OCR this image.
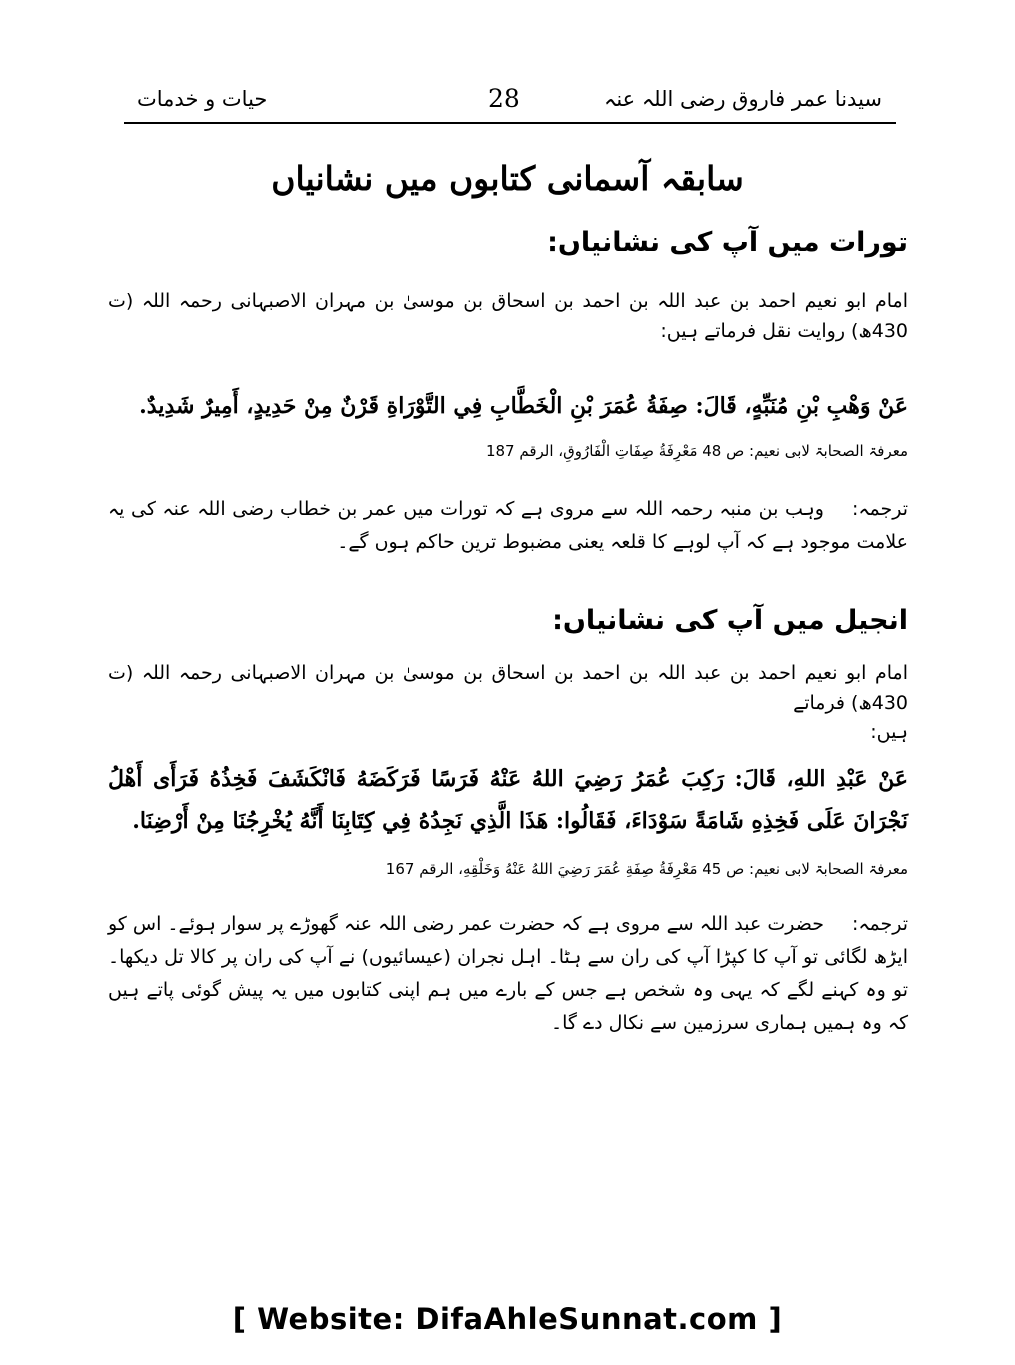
سیدنا عمر فاروق رضی اللہ عنہ
28
حیات و خدمات
سابقہ آسمانی کتابوں میں نشانیاں
تورات میں آپ کی نشانیاں:
امام ابو نعیم احمد بن عبد اللہ بن احمد بن اسحاق بن موسیٰ بن مہران الاصبہانی رحمہ اللہ (ت 430ھ) روایت نقل فرماتے ہیں:
عَنْ وَهْبِ بْنِ مُنَبِّهٍ، قَالَ: صِفَةُ عُمَرَ بْنِ الْخَطَّابِ فِي التَّوْرَاةِ قَرْنٌ مِنْ حَدِيدٍ، أَمِيرٌ شَدِيدٌ.
معرفۃ الصحابۃ لابی نعیم: ص 48 مَعْرِفَةُ صِفَاتِ الْفَارُوقِ، الرقم 187
ترجمہ:وہب بن منبہ رحمہ اللہ سے مروی ہے کہ تورات میں عمر بن خطاب رضی اللہ عنہ کی یہ علامت موجود ہے کہ آپ لوہے کا قلعہ یعنی مضبوط ترین حاکم ہوں گے۔
انجیل میں آپ کی نشانیاں:
امام ابو نعیم احمد بن عبد اللہ بن احمد بن اسحاق بن موسیٰ بن مہران الاصبہانی رحمہ اللہ (ت 430ھ) فرماتے
ہیں:
عَنْ عَبْدِ اللهِ، قَالَ: رَكِبَ عُمَرُ رَضِيَ اللهُ عَنْهُ فَرَسًا فَرَكَضَهُ فَانْكَشَفَ فَخِذُهُ فَرَأَى أَهْلُ نَجْرَانَ عَلَى فَخِذِهِ شَامَةً سَوْدَاءَ، فَقَالُوا: هَذَا الَّذِي نَجِدُهُ فِي كِتَابِنَا أَنَّهُ يُخْرِجُنَا مِنْ أَرْضِنَا.
معرفۃ الصحابۃ لابی نعیم: ص 45 مَعْرِفَةُ صِفَةِ عُمَرَ رَضِيَ اللهُ عَنْهُ وَخَلْقِهِ، الرقم 167
ترجمہ:حضرت عبد اللہ سے مروی ہے کہ حضرت عمر رضی اللہ عنہ گھوڑے پر سوار ہوئے۔ اس کو ایڑھ لگائی تو آپ کا کپڑا آپ کی ران سے ہٹا۔ اہل نجران (عیسائیوں) نے آپ کی ران پر کالا تل دیکھا۔ تو وہ کہنے لگے کہ یہی وہ شخص ہے جس کے بارے میں ہم اپنی کتابوں میں یہ پیش گوئی پاتے ہیں کہ وہ ہمیں ہماری سرزمین سے نکال دے گا۔
[ Website: DifaAhleSunnat.com ]
